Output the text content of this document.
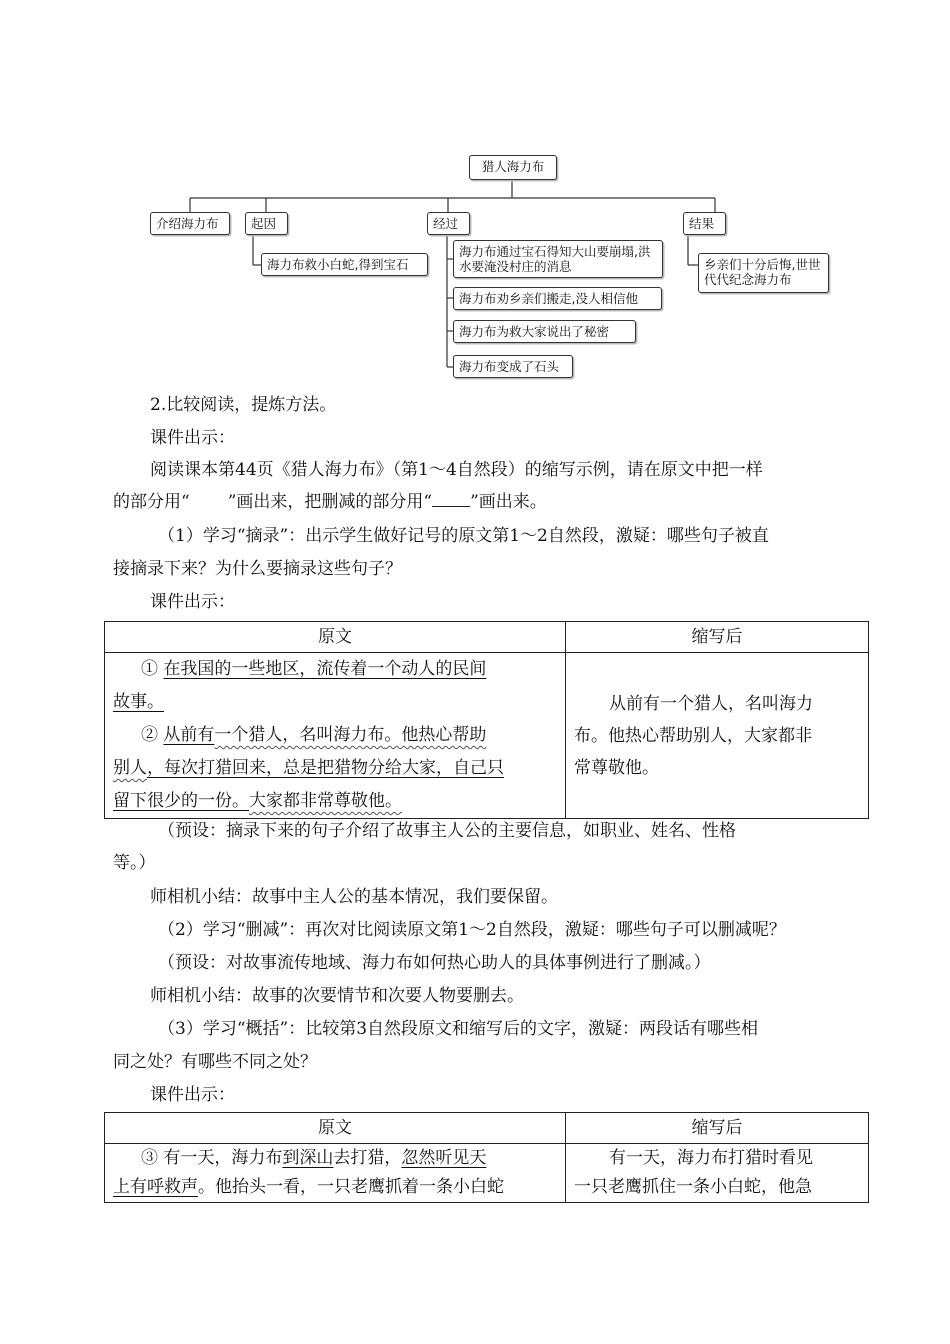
猎人海力布
介绍海力布	起因	经过	结果
海力布救小白蛇,得到宝石
海力布通过宝石得知大山要崩塌,洪水要淹没村庄的消息
海力布劝乡亲们搬走,没人相信他
海力布为救大家说出了秘密
海力布变成了石头
乡亲们十分后悔,世世代代纪念海力布
2.比较阅读，提炼方法。
课件出示：
阅读课本第44页《猎人海力布》（第1～4自然段）的缩写示例，请在原文中把一样
的部分用“ ”画出来，把删减的部分用“ ”画出来。
（1）学习“摘录”：出示学生做好记号的原文第1～2自然段，激疑：哪些句子被直
接摘录下来？为什么要摘录这些句子？
课件出示：
原文	缩写后

① 在我国的一些地区，流传着一个动人的民间
故事。
② 从前有一个猎人，名叫海力布。他热心帮助
别人，每次打猎回来，总是把猎物分给大家，自己只
留下很少的一份。大家都非常尊敬他。	从前有一个猎人，名叫海力
布。他热心帮助别人，大家都非
常尊敬他。
（预设：摘录下来的句子介绍了故事主人公的主要信息，如职业、姓名、性格
等。）
师相机小结：故事中主人公的基本情况，我们要保留。
（2）学习“删减”：再次对比阅读原文第1～2自然段，激疑：哪些句子可以删减呢？
（预设：对故事流传地域、海力布如何热心助人的具体事例进行了删减。）
师相机小结：故事的次要情节和次要人物要删去。
（3）学习“概括”：比较第3自然段原文和缩写后的文字，激疑：两段话有哪些相
同之处？有哪些不同之处？
课件出示：
原文	缩写后

③ 有一天，海力布到深山去打猎，忽然听见天
上有呼救声。他抬头一看，一只老鹰抓着一条小白蛇	有一天，海力布打猎时看见
一只老鹰抓住一条小白蛇，他急
